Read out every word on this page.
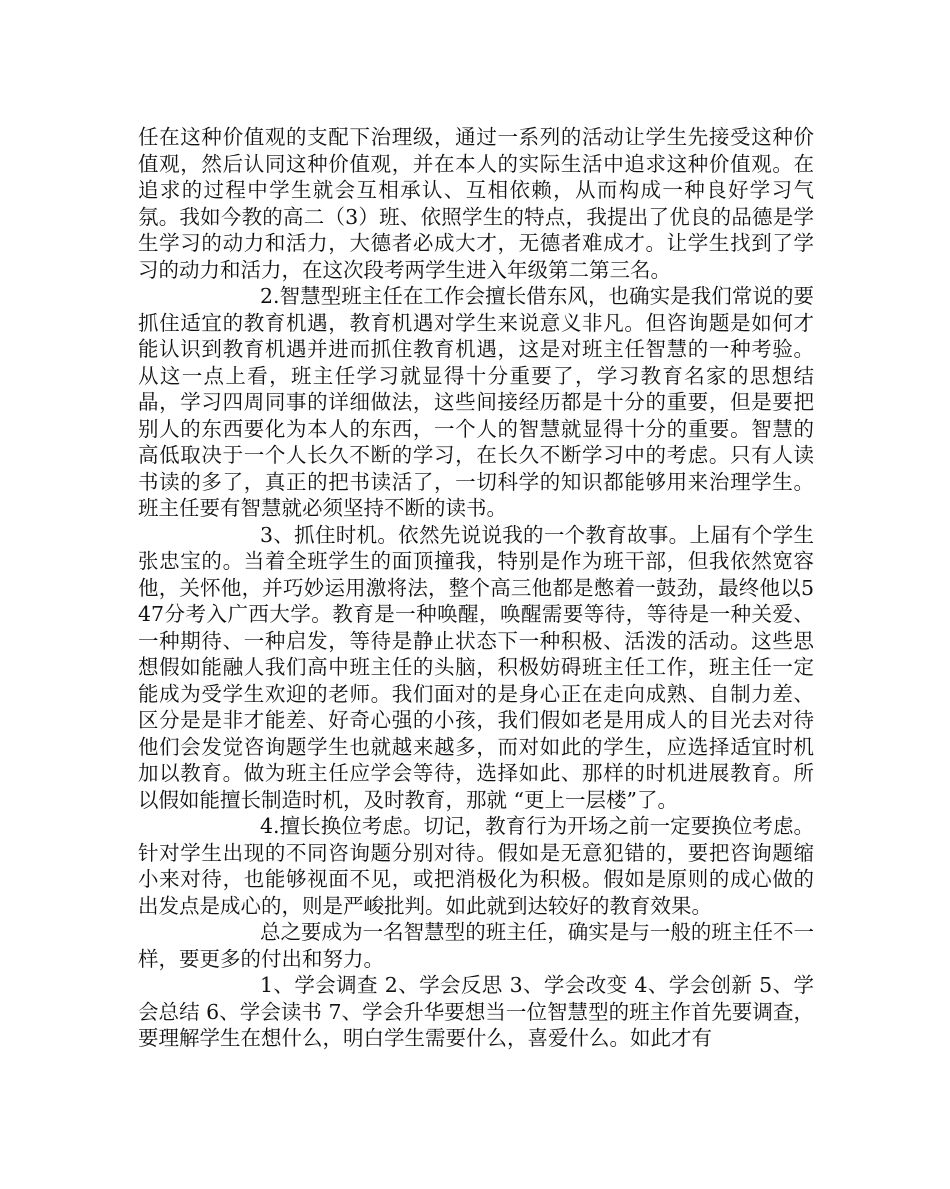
任在这种价值观的支配下治理级，通过一系列的活动让学生先接受这种价值观，然后认同这种价值观，并在本人的实际生活中追求这种价值观。在追求的过程中学生就会互相承认、互相依赖，从而构成一种良好学习气氛。我如今教的高二（3）班、依照学生的特点，我提出了优良的品德是学生学习的动力和活力，大德者必成大才，无德者难成才。让学生找到了学习的动力和活力，在这次段考两学生进入年级第二第三名。

2.智慧型班主任在工作会擅长借东风，也确实是我们常说的要抓住适宜的教育机遇，教育机遇对学生来说意义非凡。但咨询题是如何才能认识到教育机遇并进而抓住教育机遇，这是对班主任智慧的一种考验。从这一点上看，班主任学习就显得十分重要了，学习教育名家的思想结晶，学习四周同事的详细做法，这些间接经历都是十分的重要，但是要把别人的东西要化为本人的东西，一个人的智慧就显得十分的重要。智慧的高低取决于一个人长久不断的学习，在长久不断学习中的考虑。只有人读书读的多了，真正的把书读活了，一切科学的知识都能够用来治理学生。班主任要有智慧就必须坚持不断的读书。

3、抓住时机。依然先说说我的一个教育故事。上届有个学生张忠宝的。当着全班学生的面顶撞我，特别是作为班干部，但我依然宽容他，关怀他，并巧妙运用激将法，整个高三他都是憋着一鼓劲，最终他以547分考入广西大学。教育是一种唤醒，唤醒需要等待，等待是一种关爱、一种期待、一种启发，等待是静止状态下一种积极、活泼的活动。这些思想假如能融人我们高中班主任的头脑，积极妨碍班主任工作，班主任一定能成为受学生欢迎的老师。我们面对的是身心正在走向成熟、自制力差、区分是是非才能差、好奇心强的小孩，我们假如老是用成人的目光去对待他们会发觉咨询题学生也就越来越多，而对如此的学生，应选择适宜时机加以教育。做为班主任应学会等待，选择如此、那样的时机进展教育。所以假如能擅长制造时机，及时教育，那就 “更上一层楼”了。

4.擅长换位考虑。切记，教育行为开场之前一定要换位考虑。针对学生出现的不同咨询题分别对待。假如是无意犯错的，要把咨询题缩小来对待，也能够视面不见，或把消极化为积极。假如是原则的成心做的出发点是成心的，则是严峻批判。如此就到达较好的教育效果。

总之要成为一名智慧型的班主任，确实是与一般的班主任不一样，要更多的付出和努力。

1、学会调查 2、学会反思 3、学会改变 4、学会创新 5、学会总结 6、学会读书 7、学会升华要想当一位智慧型的班主作首先要调查，要理解学生在想什么，明白学生需要什么，喜爱什么。如此才有
